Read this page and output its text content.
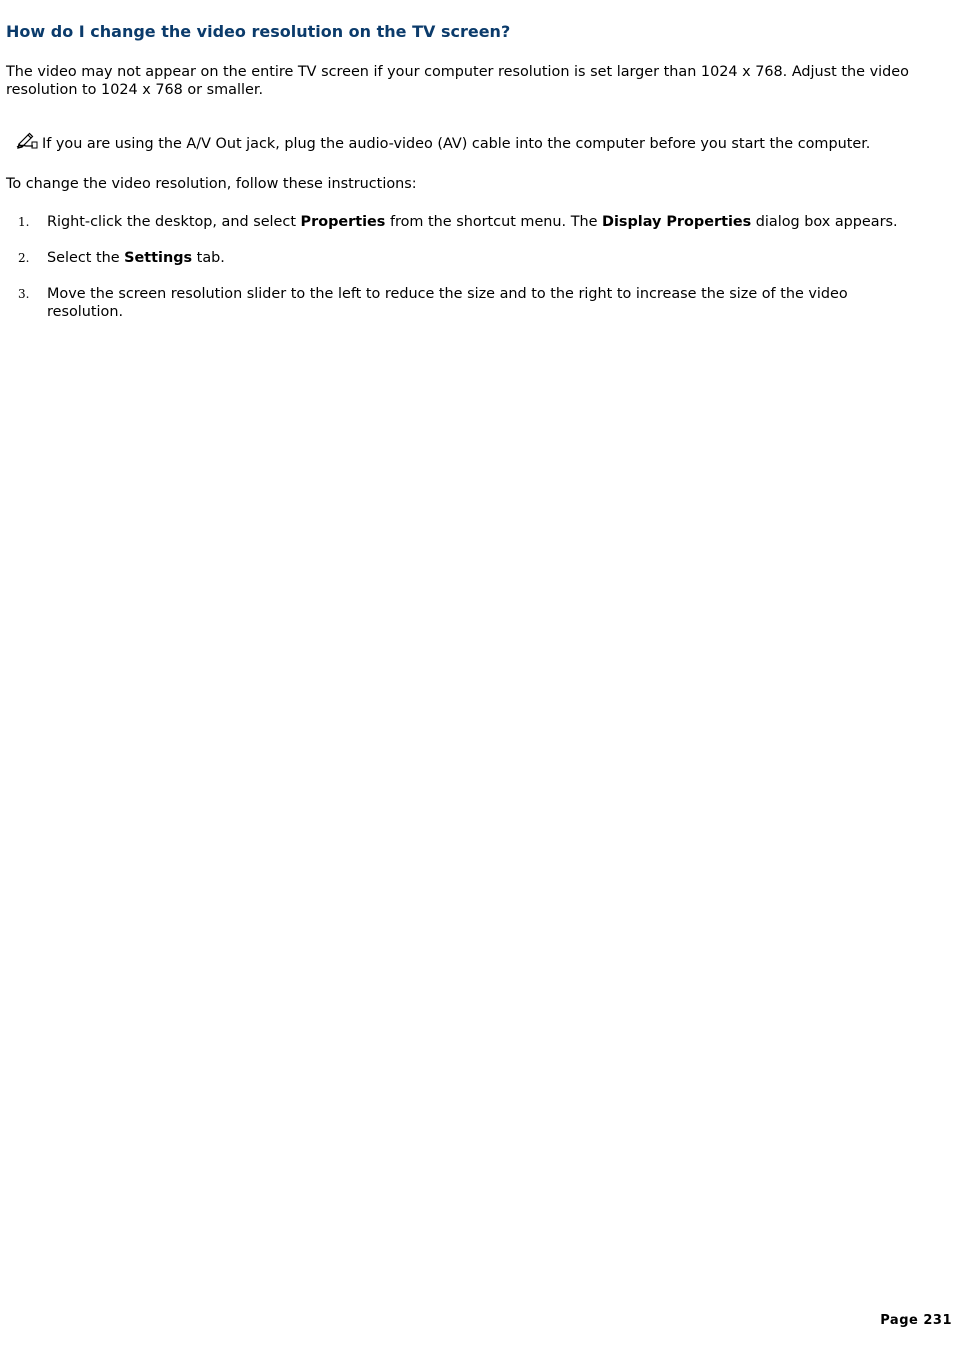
How do I change the video resolution on the TV screen?

The video may not appear on the entire TV screen if your computer resolution is set larger than 1024 x 768. Adjust the video resolution to 1024 x 768 or smaller.

If you are using the A/V Out jack, plug the audio-video (AV) cable into the computer before you start the computer.

To change the video resolution, follow these instructions:

1. Right-click the desktop, and select Properties from the shortcut menu. The Display Properties dialog box appears.
2. Select the Settings tab.
3. Move the screen resolution slider to the left to reduce the size and to the right to increase the size of the video resolution.

Page 231
